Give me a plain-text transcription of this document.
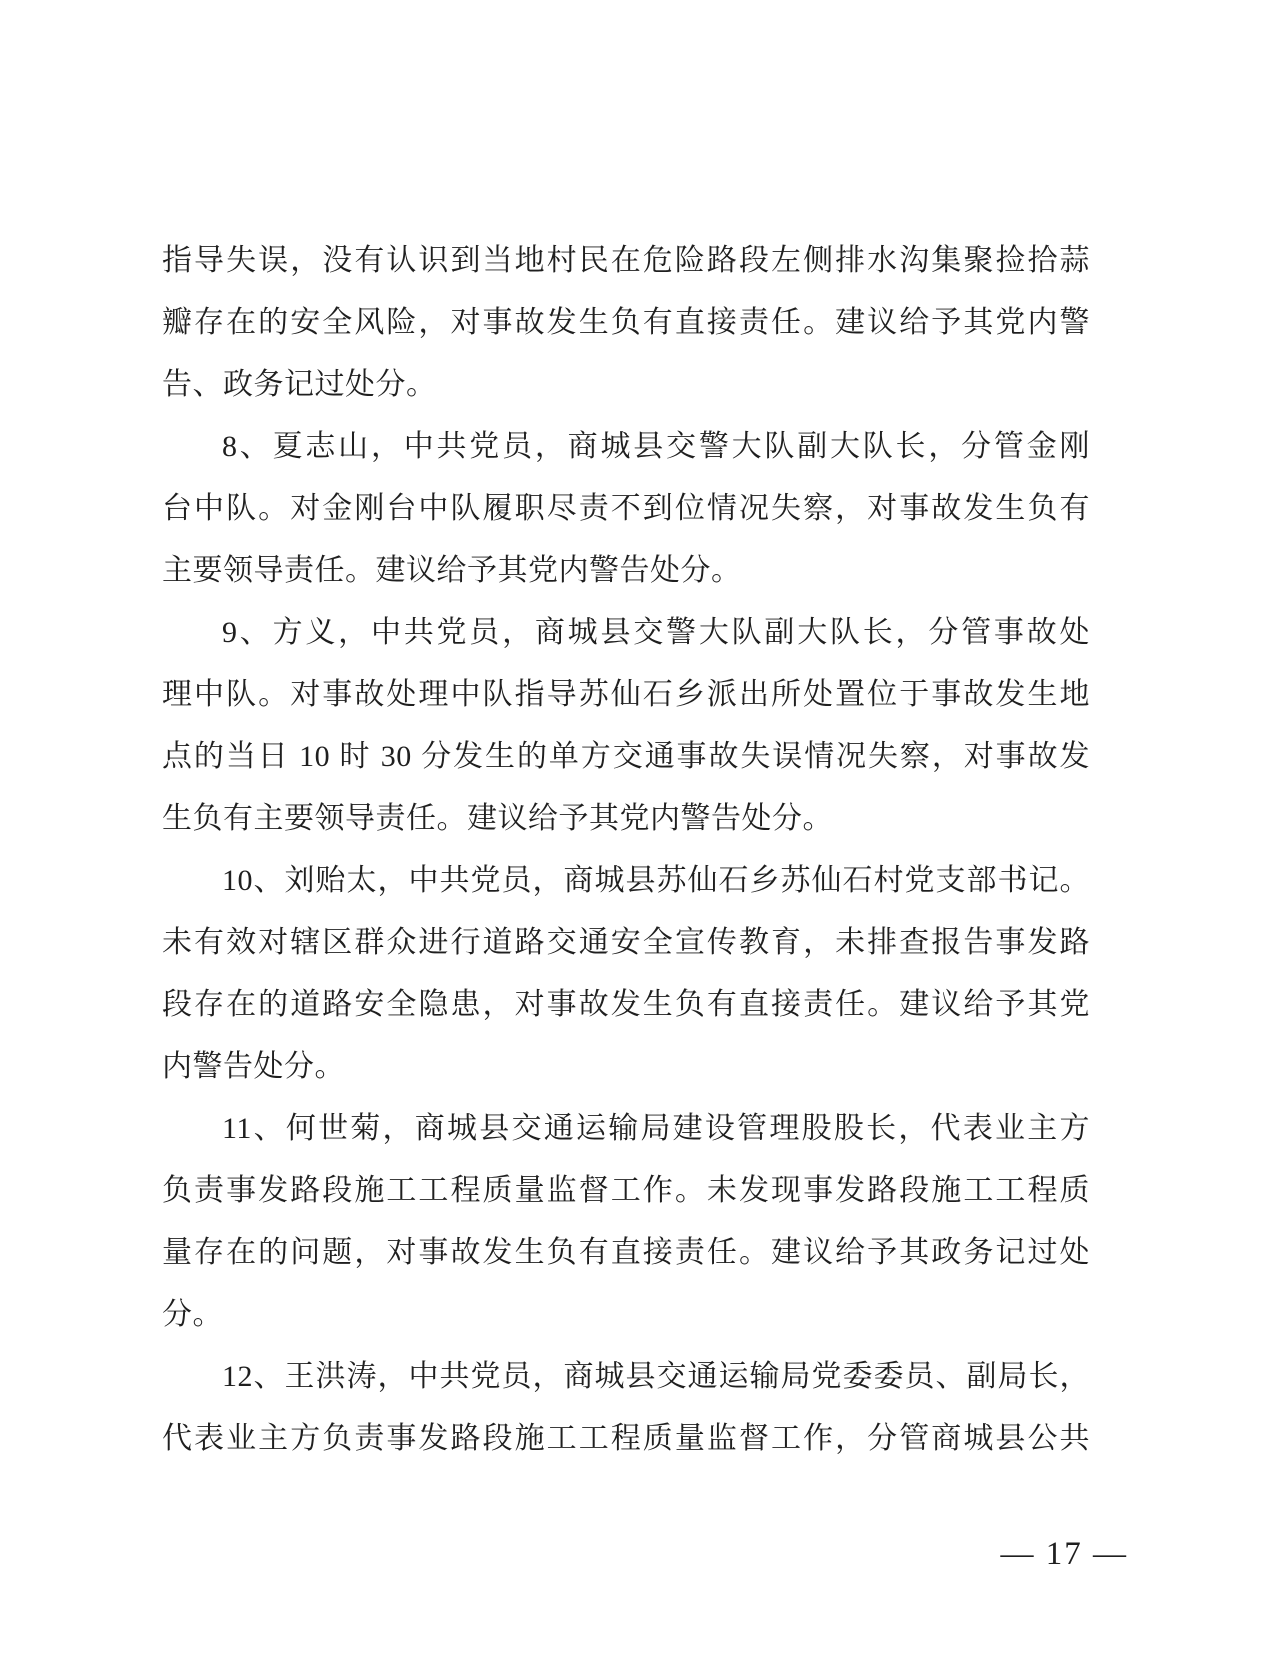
指导失误，没有认识到当地村民在危险路段左侧排水沟集聚捡拾蒜
瓣存在的安全风险，对事故发生负有直接责任。建议给予其党内警
告、政务记过处分。
8、夏志山，中共党员，商城县交警大队副大队长，分管金刚
台中队。对金刚台中队履职尽责不到位情况失察，对事故发生负有
主要领导责任。建议给予其党内警告处分。
9、方义，中共党员，商城县交警大队副大队长，分管事故处
理中队。对事故处理中队指导苏仙石乡派出所处置位于事故发生地
点的当日 10 时 30 分发生的单方交通事故失误情况失察，对事故发
生负有主要领导责任。建议给予其党内警告处分。
10、刘贻太，中共党员，商城县苏仙石乡苏仙石村党支部书记。
未有效对辖区群众进行道路交通安全宣传教育，未排查报告事发路
段存在的道路安全隐患，对事故发生负有直接责任。建议给予其党
内警告处分。
11、何世菊，商城县交通运输局建设管理股股长，代表业主方
负责事发路段施工工程质量监督工作。未发现事发路段施工工程质
量存在的问题，对事故发生负有直接责任。建议给予其政务记过处
分。
12、王洪涛，中共党员，商城县交通运输局党委委员、副局长，
代表业主方负责事发路段施工工程质量监督工作，分管商城县公共
— 17 —
